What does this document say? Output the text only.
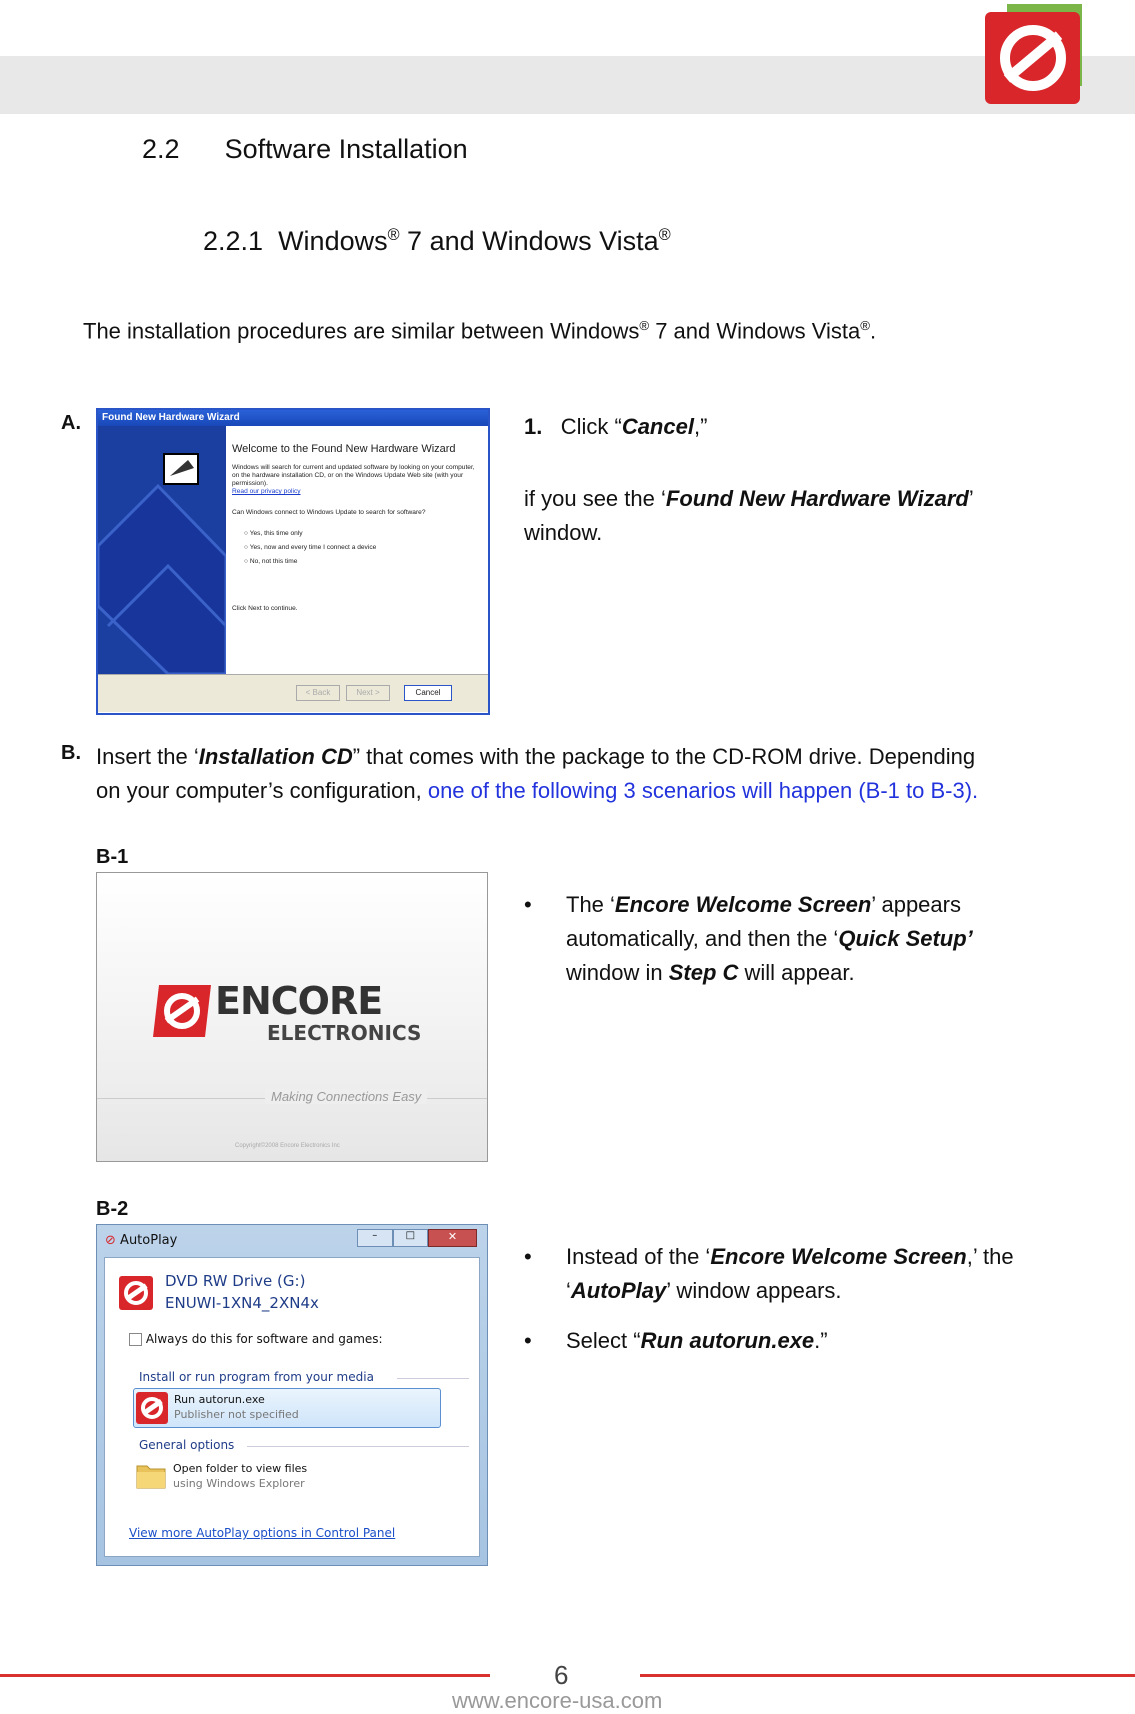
2.2 Software Installation
2.2.1 Windows® 7 and Windows Vista®
The installation procedures are similar between Windows® 7 and Windows Vista®.
A.	Found New Hardware Wizard
Welcome to the Found New Hardware Wizard
Windows will search for current and updated software by looking on your computer, on the hardware installation CD, or on the Windows Update Web site (with your permission).
Read our privacy policy
Can Windows connect to Windows Update to search for software?
○ Yes, this time only
○ Yes, now and every time I connect a device
○ No, not this time
Click Next to continue.
< Back	Next >	Cancel
1. Click “Cancel,”
if you see the ‘Found New Hardware Wizard’ window.
B. Insert the ‘Installation CD” that comes with the package to the CD-ROM drive. Depending
on your computer’s configuration, one of the following 3 scenarios will happen (B-1 to B-3).
B-1
ENCORE
ELECTRONICS
Making Connections Easy
Copyright©2008 Encore Electronics Inc
• The ‘Encore Welcome Screen’ appears
automatically, and then the ‘Quick Setup’
window in Step C will appear.
B-2
⊘ AutoPlay	–	□	✕
DVD RW Drive (G:)
ENUWI-1XN4_2XN4x
Always do this for software and games:
Install or run program from your media
Run autorun.exe
Publisher not specified
General options
Open folder to view files
using Windows Explorer
View more AutoPlay options in Control Panel
• Instead of the ‘Encore Welcome Screen,’ the
‘AutoPlay’ window appears.
• Select “Run autorun.exe.”
6
www.encore-usa.com
